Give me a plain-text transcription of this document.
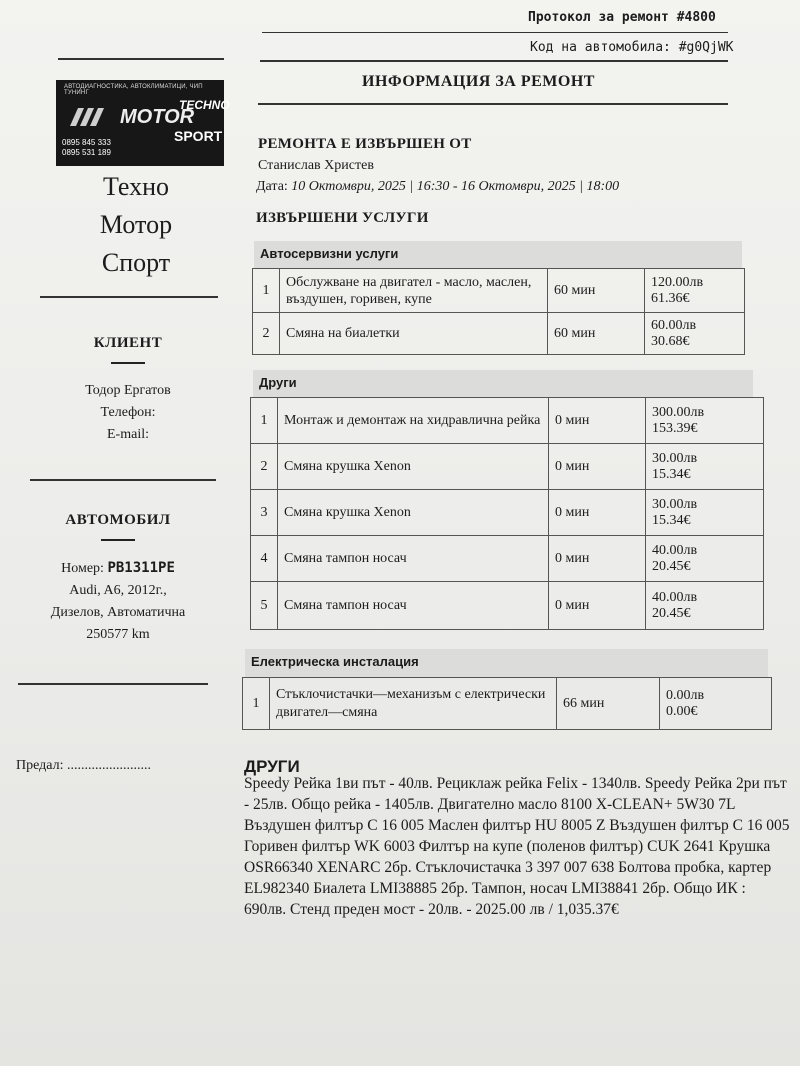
Протокол за ремонт #4800
Код на автомобила: #g0QjWK
ИНФОРМАЦИЯ ЗА РЕМОНТ
АВТОДИАГНОСТИКА, АВТОКЛИМАТИЦИ, ЧИП ТУНИНГ
TECHNO
MOTOR
SPORT
0895 845 333
0895 531 189
Техно
Мотор
Спорт
КЛИЕНТ
Тодор Ергатов
Телефон:
E-mail:
АВТОМОБИЛ
Номер: PB1311PE
Audi, A6, 2012г.,
Дизелов, Автоматична
250577 km
Предал: ........................
РЕМОНТА Е ИЗВЪРШЕН ОТ
Станислав Христев
Дата: 10 Октомври, 2025 | 16:30 - 16 Октомври, 2025 | 18:00
ИЗВЪРШЕНИ УСЛУГИ
Автосервизни услуги
1	Обслужване на двигател - масло, маслен, въздушен, горивен, купе	60 мин	120.00лв
61.36€

2	Смяна на биалетки	60 мин	60.00лв
30.68€
Други
1	Монтаж и демонтаж на хидравлична рейка	0 мин	300.00лв
153.39€

2	Смяна крушка Xenon	0 мин	30.00лв
15.34€

3	Смяна крушка Xenon	0 мин	30.00лв
15.34€

4	Смяна тампон носач	0 мин	40.00лв
20.45€

5	Смяна тампон носач	0 мин	40.00лв
20.45€
Електрическа инсталация
1	Стъклочистачки—механизъм с електрически двигател—смяна	66 мин	
0.00лв
0.00€
ДРУГИ
Speedy Рейка 1ви път - 40лв. Рециклаж рейка Felix - 1340лв. Speedy Рейка 2ри път - 25лв. Общо рейка - 1405лв. Двигателно масло 8100 X-CLEAN+ 5W30 7L Въздушен филтър C 16 005 Маслен филтър HU 8005 Z Въздушен филтър C 16 005 Горивен филтър WK 6003 Филтър на купе (поленов филтър) CUK 2641 Крушка OSR66340 XENARC 2бр. Стъклочистачка 3 397 007 638 Болтова пробка, картер EL982340 Биалета LMI38885 2бр. Тампон, носач LMI38841 2бр. Общо ИК : 690лв. Стенд преден мост - 20лв. - 2025.00 лв / 1,035.37€
